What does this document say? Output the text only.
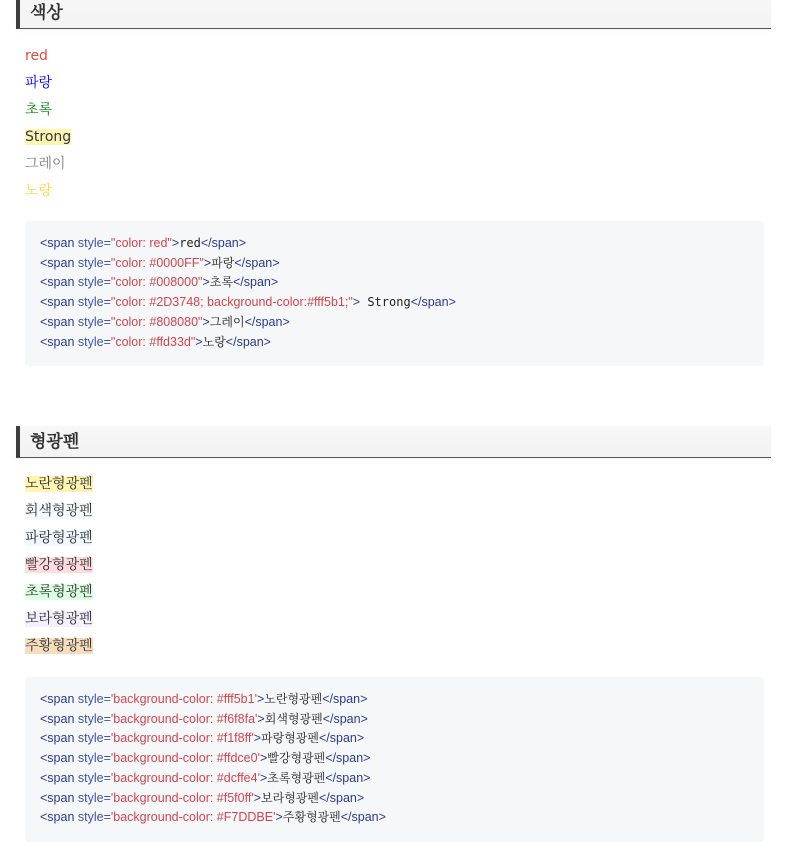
색상
red
파랑
초록
Strong
그레이
노랑
<span style="color: red">red</span>
<span style="color: #0000FF">파랑</span>
<span style="color: #008000">초록</span>
<span style="color: #2D3748; background-color:#fff5b1;"> Strong</span>
<span style="color: #808080">그레이</span>
<span style="color: #ffd33d">노랑</span>
형광펜
노란형광펜
회색형광펜
파랑형광펜
빨강형광펜
초록형광펜
보라형광펜
주황형광펜
<span style='background-color: #fff5b1'>노란형광펜</span>
<span style='background-color: #f6f8fa'>회색형광펜</span>
<span style='background-color: #f1f8ff'>파랑형광펜</span>
<span style='background-color: #ffdce0'>빨강형광펜</span>
<span style='background-color: #dcffe4'>초록형광펜</span>
<span style='background-color: #f5f0ff'>보라형광펜</span>
<span style='background-color: #F7DDBE'>주황형광펜</span>
